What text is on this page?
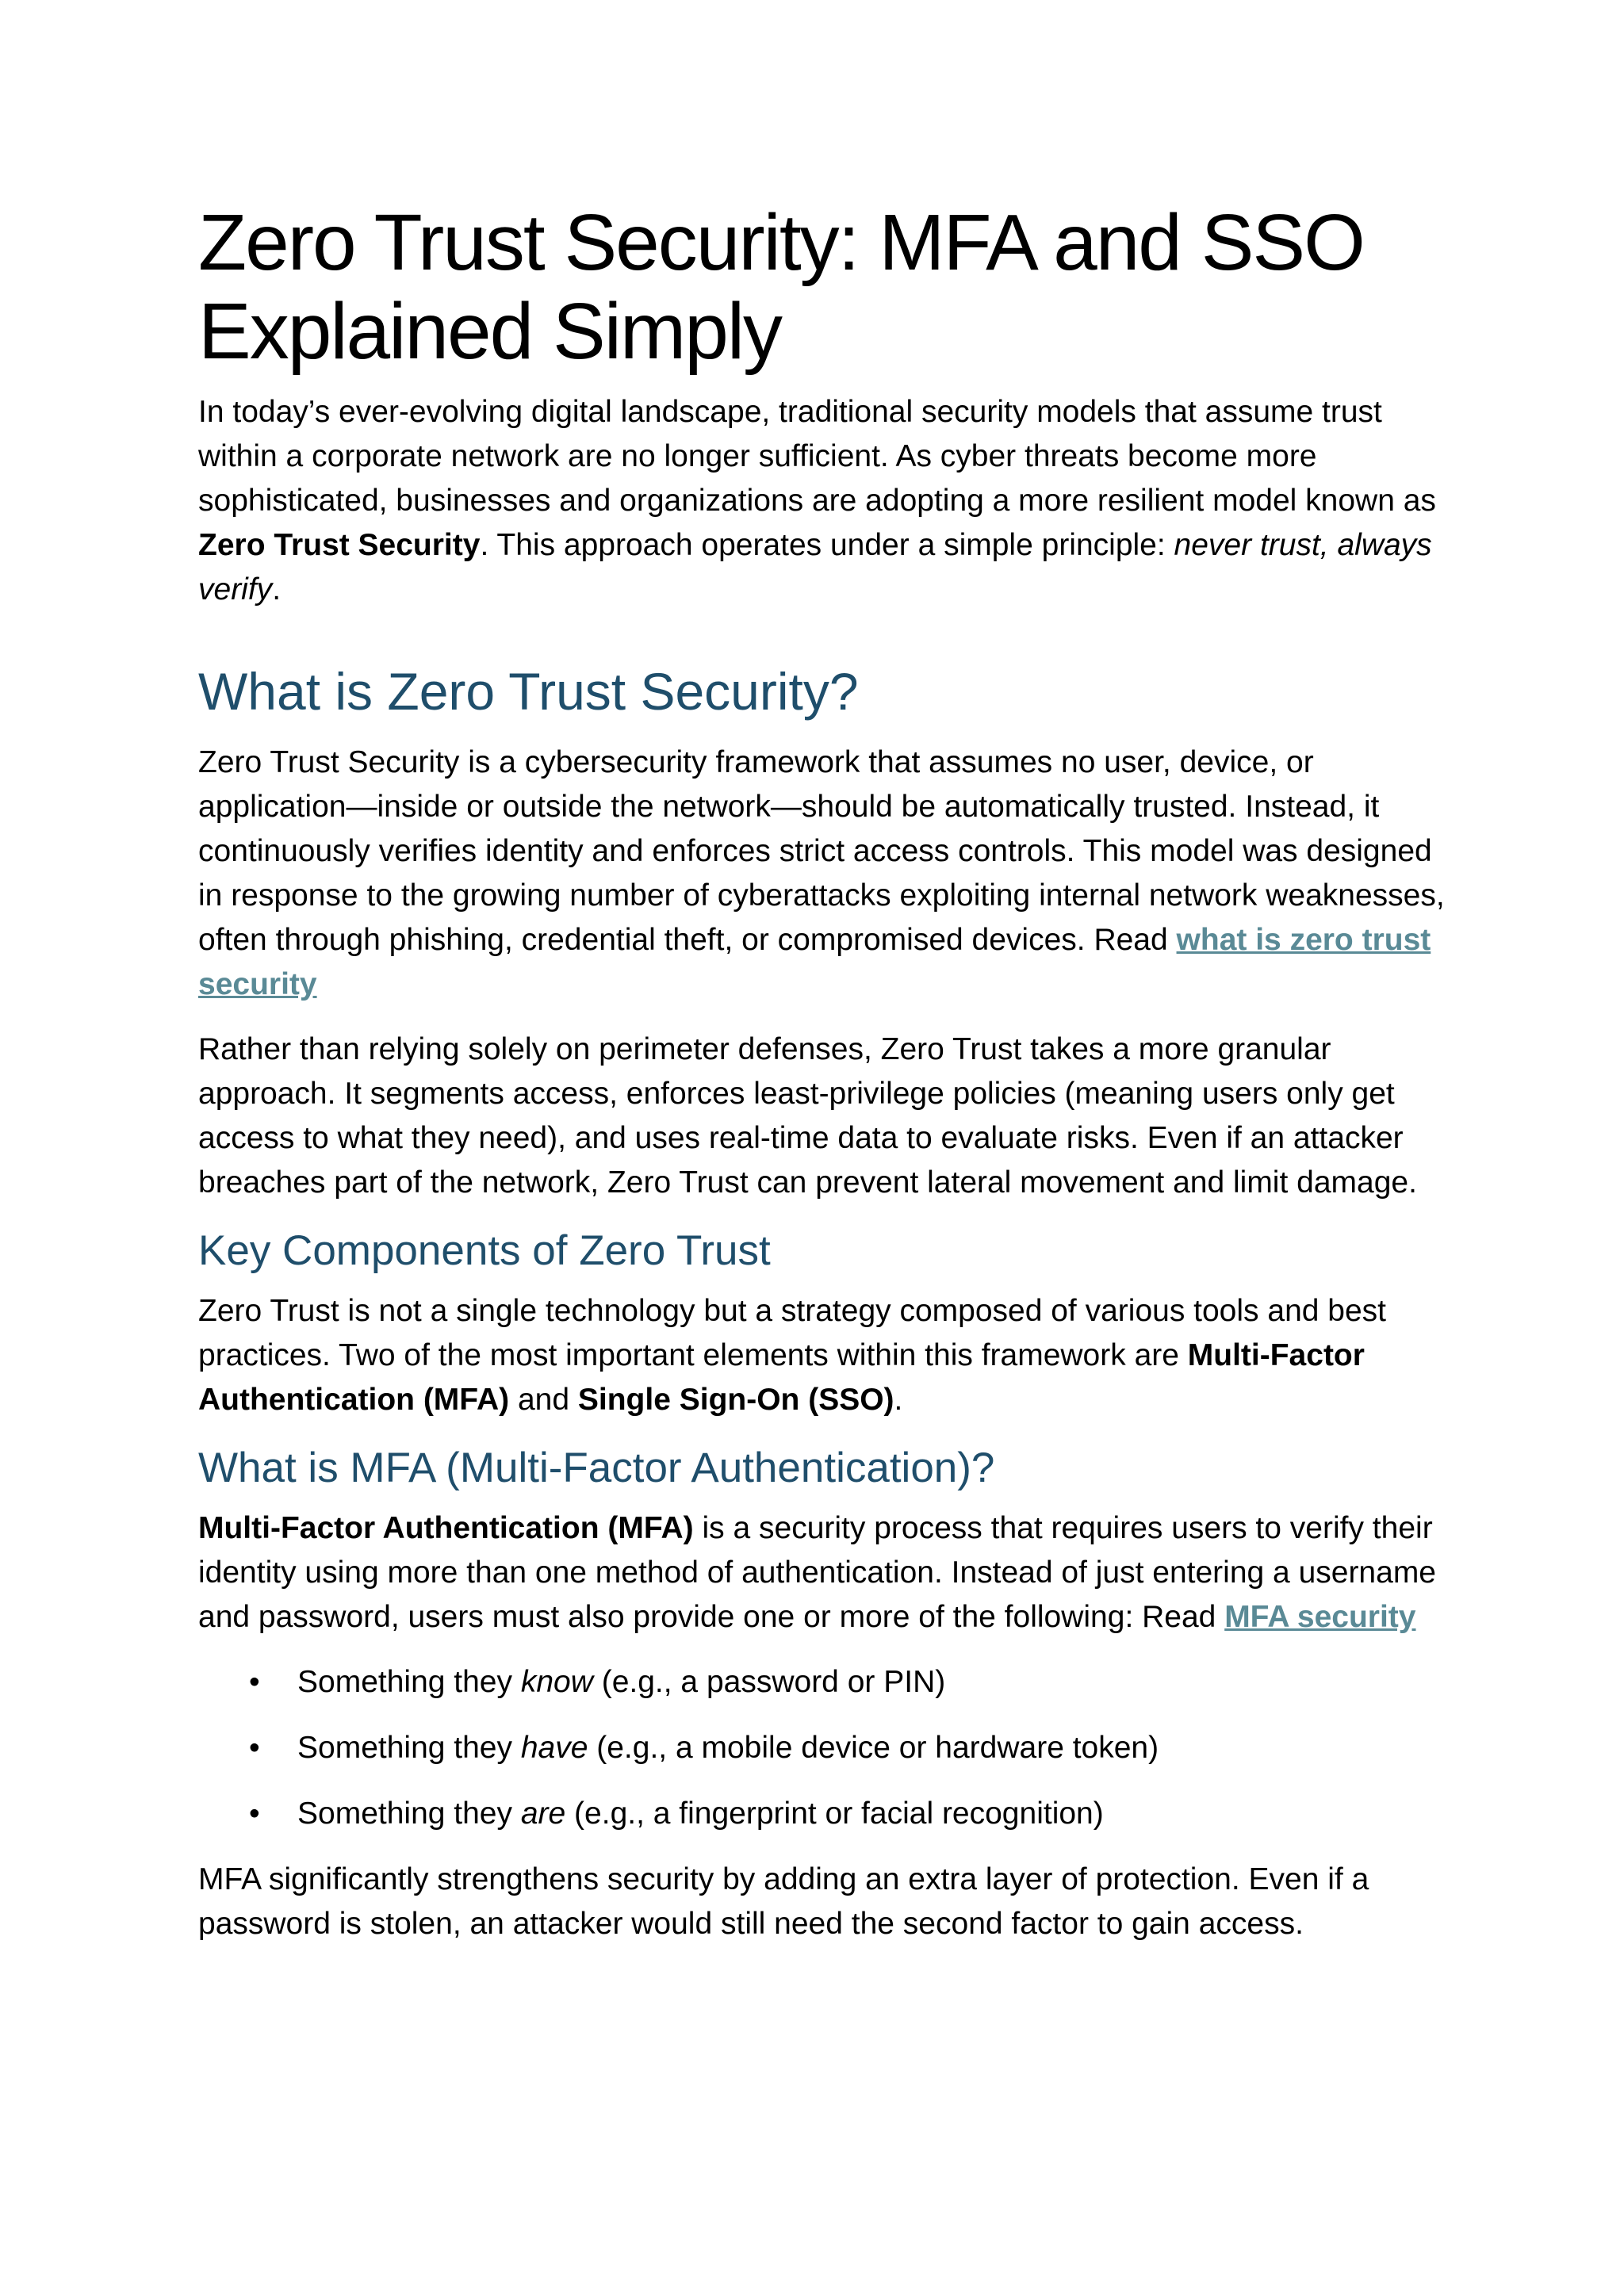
Zero Trust Security: MFA and SSO Explained Simply

In today’s ever-evolving digital landscape, traditional security models that assume trust within a corporate network are no longer sufficient. As cyber threats become more sophisticated, businesses and organizations are adopting a more resilient model known as Zero Trust Security. This approach operates under a simple principle: never trust, always verify.

What is Zero Trust Security?

Zero Trust Security is a cybersecurity framework that assumes no user, device, or application—inside or outside the network—should be automatically trusted. Instead, it continuously verifies identity and enforces strict access controls. This model was designed in response to the growing number of cyberattacks exploiting internal network weaknesses, often through phishing, credential theft, or compromised devices. Read what is zero trust security

Rather than relying solely on perimeter defenses, Zero Trust takes a more granular approach. It segments access, enforces least-privilege policies (meaning users only get access to what they need), and uses real-time data to evaluate risks. Even if an attacker breaches part of the network, Zero Trust can prevent lateral movement and limit damage.

Key Components of Zero Trust

Zero Trust is not a single technology but a strategy composed of various tools and best practices. Two of the most important elements within this framework are Multi-Factor Authentication (MFA) and Single Sign-On (SSO).

What is MFA (Multi-Factor Authentication)?

Multi-Factor Authentication (MFA) is a security process that requires users to verify their identity using more than one method of authentication. Instead of just entering a username and password, users must also provide one or more of the following: Read MFA security

• Something they know (e.g., a password or PIN)
• Something they have (e.g., a mobile device or hardware token)
• Something they are (e.g., a fingerprint or facial recognition)

MFA significantly strengthens security by adding an extra layer of protection. Even if a password is stolen, an attacker would still need the second factor to gain access.
